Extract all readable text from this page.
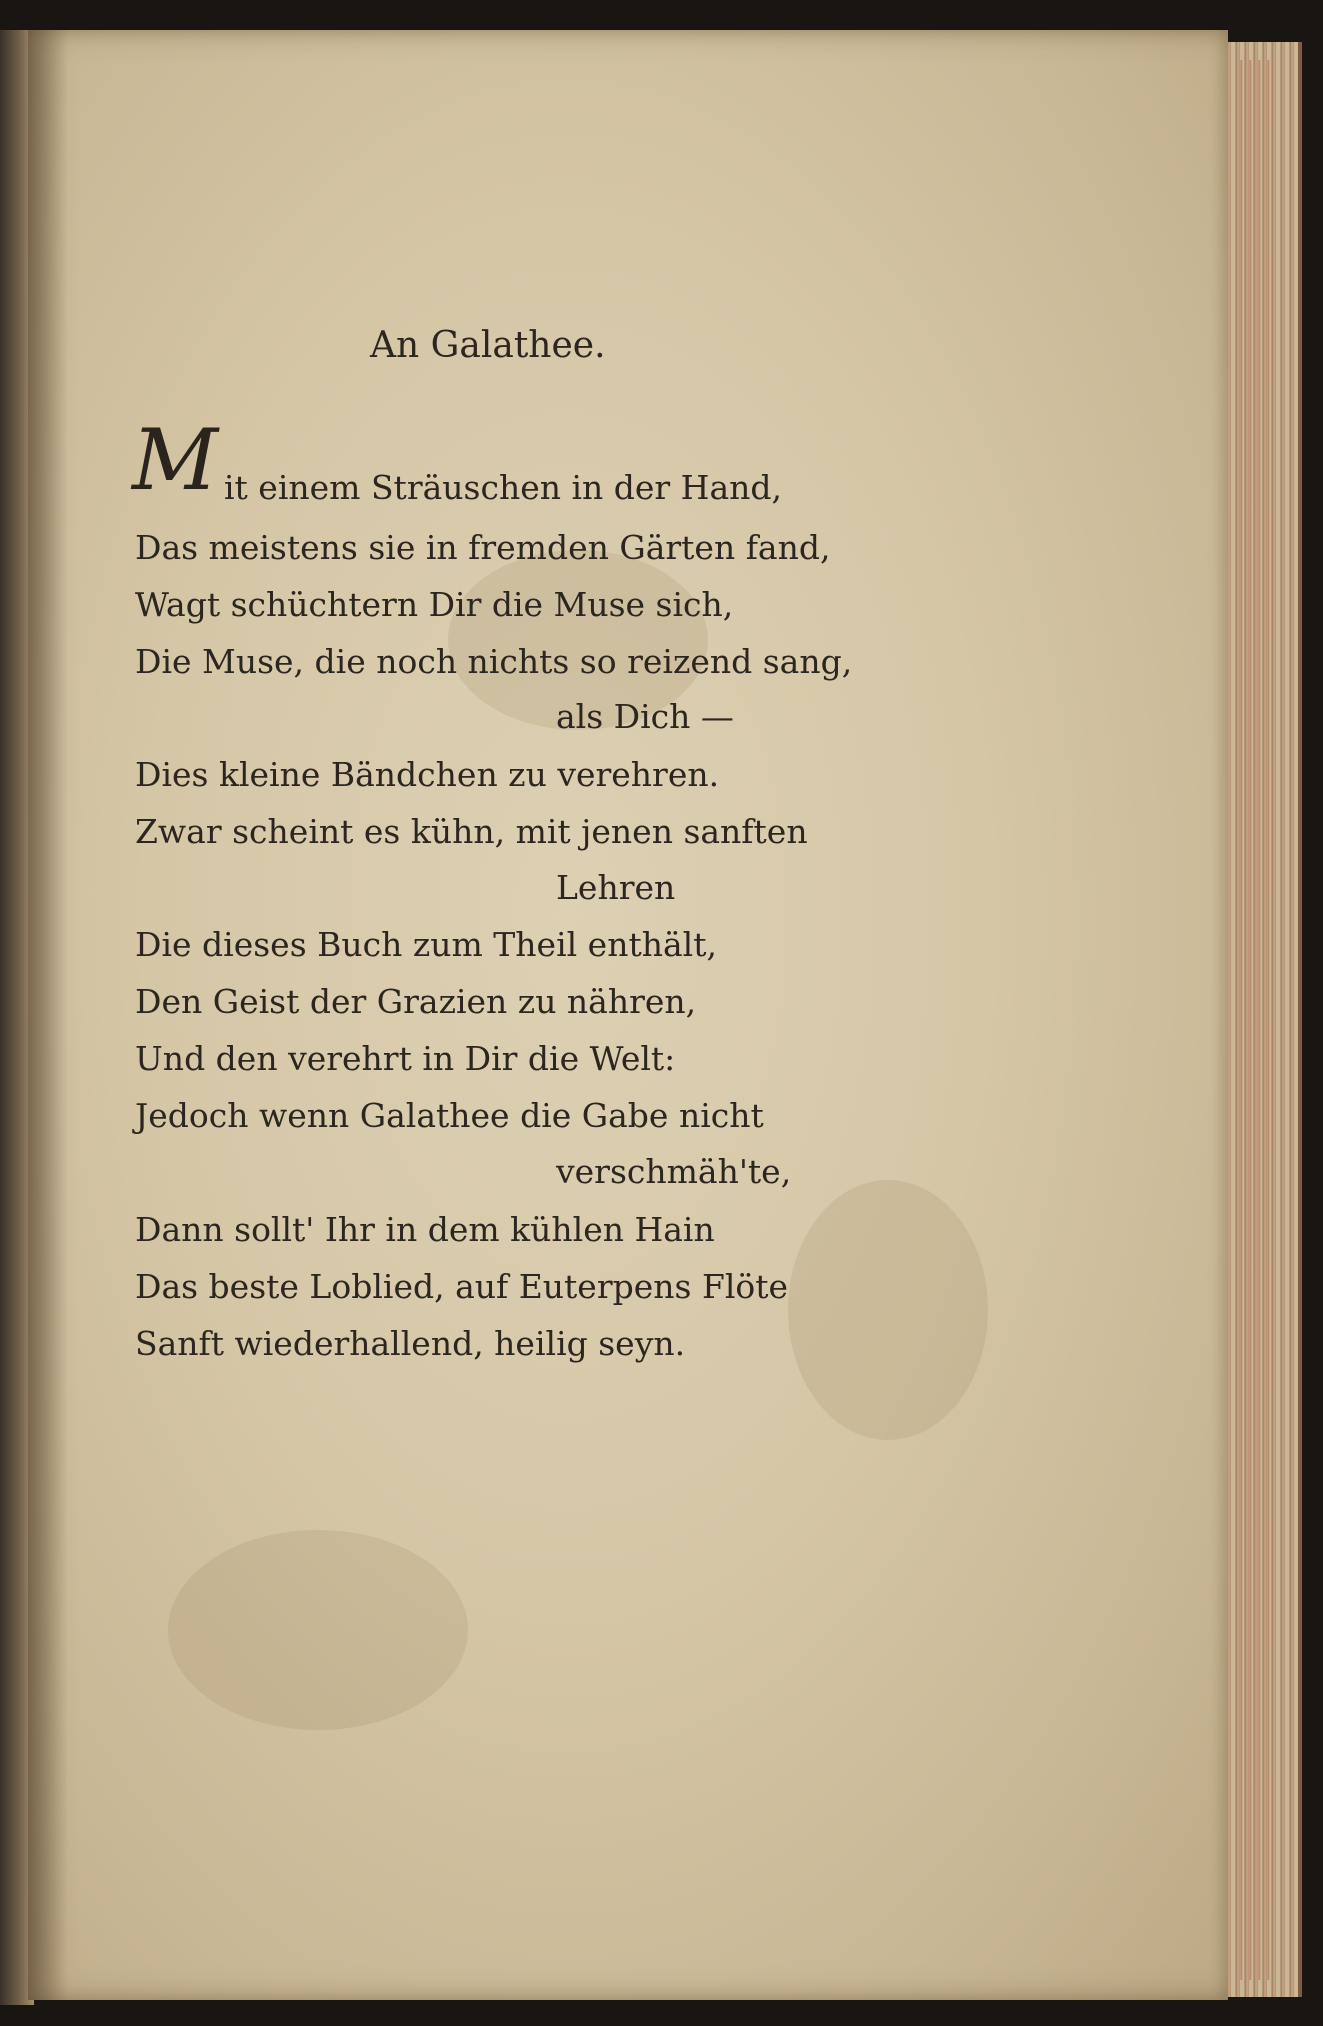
An Galathee.
M it einem Sträuschen in der Hand,
Das meistens sie in fremden Gärten fand,
Wagt schüchtern Dir die Muse sich,
Die Muse, die noch nichts so reizend sang,
als Dich —
Dies kleine Bändchen zu verehren.
Zwar scheint es kühn, mit jenen sanften
Lehren
Die dieses Buch zum Theil enthält,
Den Geist der Grazien zu nähren,
Und den verehrt in Dir die Welt:
Jedoch wenn Galathee die Gabe nicht
verschmäh'te,
Dann sollt' Ihr in dem kühlen Hain
Das beste Loblied, auf Euterpens Flöte
Sanft wiederhallend, heilig seyn.
